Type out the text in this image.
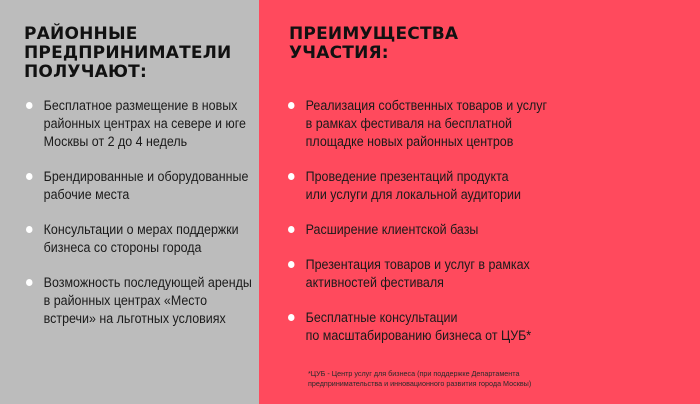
РАЙОННЫЕ
ПРЕДПРИНИМАТЕЛИ
ПОЛУЧАЮТ:
Бесплатное размещение в новых
районных центрах на севере и юге
Москвы от 2 до 4 недель
Брендированные и оборудованные
рабочие места
Консультации о мерах поддержки
бизнеса со стороны города
Возможность последующей аренды
в районных центрах «Место
встречи» на льготных условиях
ПРЕИМУЩЕСТВА
УЧАСТИЯ:
Реализация собственных товаров и услуг
в рамках фестиваля на бесплатной
площадке новых районных центров
Проведение презентаций продукта
или услуги для локальной аудитории
Расширение клиентской базы
Презентация товаров и услуг в рамках
активностей фестиваля
Бесплатные консультации
по масштабированию бизнеса от ЦУБ*
*ЦУБ - Центр услуг для бизнеса (при поддержке Департамента
предпринимательства и инновационного развития города Москвы)
